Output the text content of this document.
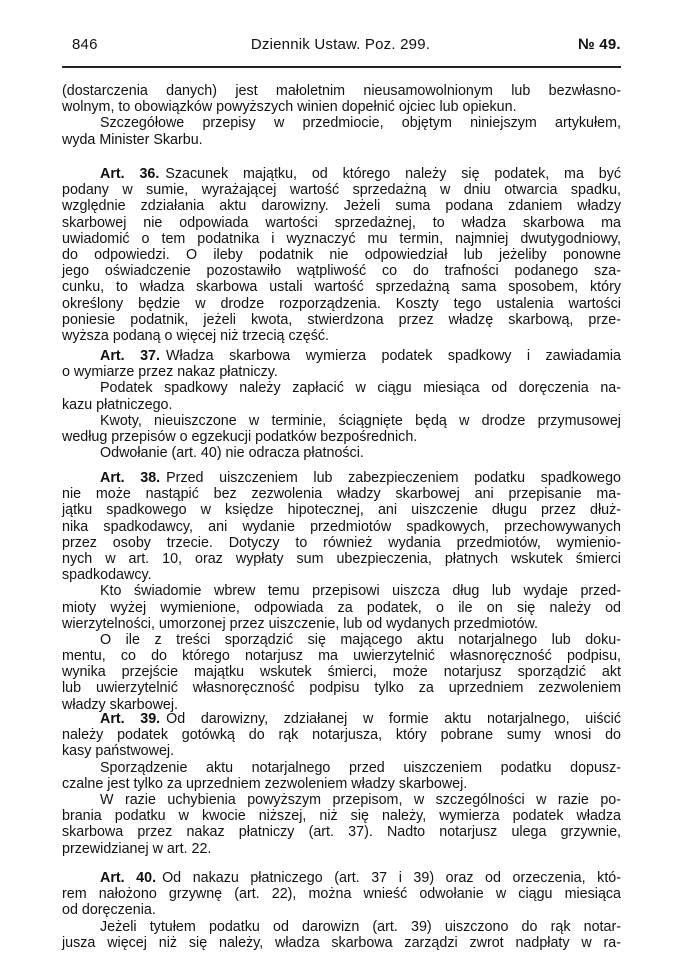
846	Dziennik Ustaw. Poz. 299.	№ 49.
(dostarczenia danych) jest małoletnim nieusamowolnionym lub bezwłasno-
wolnym, to obowiązków powyższych winien dopełnić ojciec lub opiekun.
Szczegółowe przepisy w przedmiocie, objętym niniejszym artykułem,
wyda Minister Skarbu.
Art. 36. Szacunek majątku, od którego należy się podatek, ma być
podany w sumie, wyrażającej wartość sprzedażną w dniu otwarcia spadku,
względnie zdziałania aktu darowizny. Jeżeli suma podana zdaniem władzy
skarbowej nie odpowiada wartości sprzedażnej, to władza skarbowa ma
uwiadomić o tem podatnika i wyznaczyć mu termin, najmniej dwutygodniowy,
do odpowiedzi. O ileby podatnik nie odpowiedział lub jeżeliby ponowne
jego oświadczenie pozostawiło wątpliwość co do trafności podanego sza-
cunku, to władza skarbowa ustali wartość sprzedażną sama sposobem, który
określony będzie w drodze rozporządzenia. Koszty tego ustalenia wartości
poniesie podatnik, jeżeli kwota, stwierdzona przez władzę skarbową, prze-
wyższa podaną o więcej niż trzecią część.
Art. 37. Władza skarbowa wymierza podatek spadkowy i zawiadamia
o wymiarze przez nakaz płatniczy.
Podatek spadkowy należy zapłacić w ciągu miesiąca od doręczenia na-
kazu płatniczego.
Kwoty, nieuiszczone w terminie, ściągnięte będą w drodze przymusowej
według przepisów o egzekucji podatków bezpośrednich.
Odwołanie (art. 40) nie odracza płatności.
Art. 38. Przed uiszczeniem lub zabezpieczeniem podatku spadkowego
nie może nastąpić bez zezwolenia władzy skarbowej ani przepisanie ma-
jątku spadkowego w księdze hipotecznej, ani uiszczenie długu przez dłuż-
nika spadkodawcy, ani wydanie przedmiotów spadkowych, przechowywanych
przez osoby trzecie. Dotyczy to również wydania przedmiotów, wymienio-
nych w art. 10, oraz wypłaty sum ubezpieczenia, płatnych wskutek śmierci
spadkodawcy.
Kto świadomie wbrew temu przepisowi uiszcza dług lub wydaje przed-
mioty wyżej wymienione, odpowiada za podatek, o ile on się należy od
wierzytelności, umorzonej przez uiszczenie, lub od wydanych przedmiotów.
O ile z treści sporządzić się mającego aktu notarjalnego lub doku-
mentu, co do którego notarjusz ma uwierzytelnić własnoręczność podpisu,
wynika przejście majątku wskutek śmierci, może notarjusz sporządzić akt
lub uwierzytelnić własnoręczność podpisu tylko za uprzedniem zezwoleniem
władzy skarbowej.
Art. 39. Od darowizny, zdziałanej w formie aktu notarjalnego, uiścić
należy podatek gotówką do rąk notarjusza, który pobrane sumy wnosi do
kasy państwowej.
Sporządzenie aktu notarjalnego przed uiszczeniem podatku dopusz-
czalne jest tylko za uprzedniem zezwoleniem władzy skarbowej.
W razie uchybienia powyższym przepisom, w szczególności w razie po-
brania podatku w kwocie niższej, niż się należy, wymierza podatek władza
skarbowa przez nakaz płatniczy (art. 37). Nadto notarjusz ulega grzywnie,
przewidzianej w art. 22.
Art. 40. Od nakazu płatniczego (art. 37 i 39) oraz od orzeczenia, któ-
rem nałożono grzywnę (art. 22), można wnieść odwołanie w ciągu miesiąca
od doręczenia.
Jeżeli tytułem podatku od darowizn (art. 39) uiszczono do rąk notar-
jusza więcej niż się należy, władza skarbowa zarządzi zwrot nadpłaty w ra-
